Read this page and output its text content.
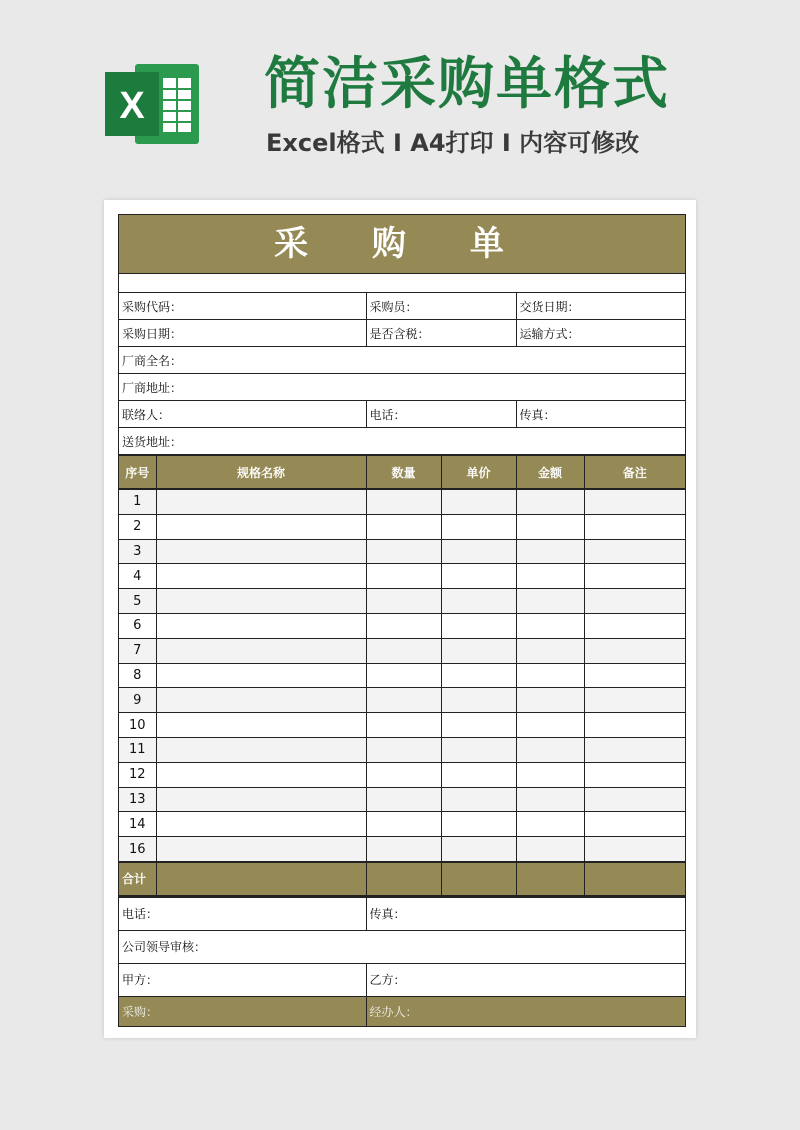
X 简洁采购单格式
Excel格式 I A4打印 I 内容可修改
采 购 单
采购代码：	采购员：	交货日期：
采购日期：	是否含税：	运输方式：
厂商全名：		
厂商地址：		
联络人：	电话：	传真：
送货地址：		
序号	规格名称	数量	单价	金额	备注
1					
2					
3					
4					
5					
6					
7					
8					
9					
10					
11					
12					
13					
14					
16					
合计					
电话：	传真：
公司领导审核：	
甲方：	乙方：
采购：	经办人：
